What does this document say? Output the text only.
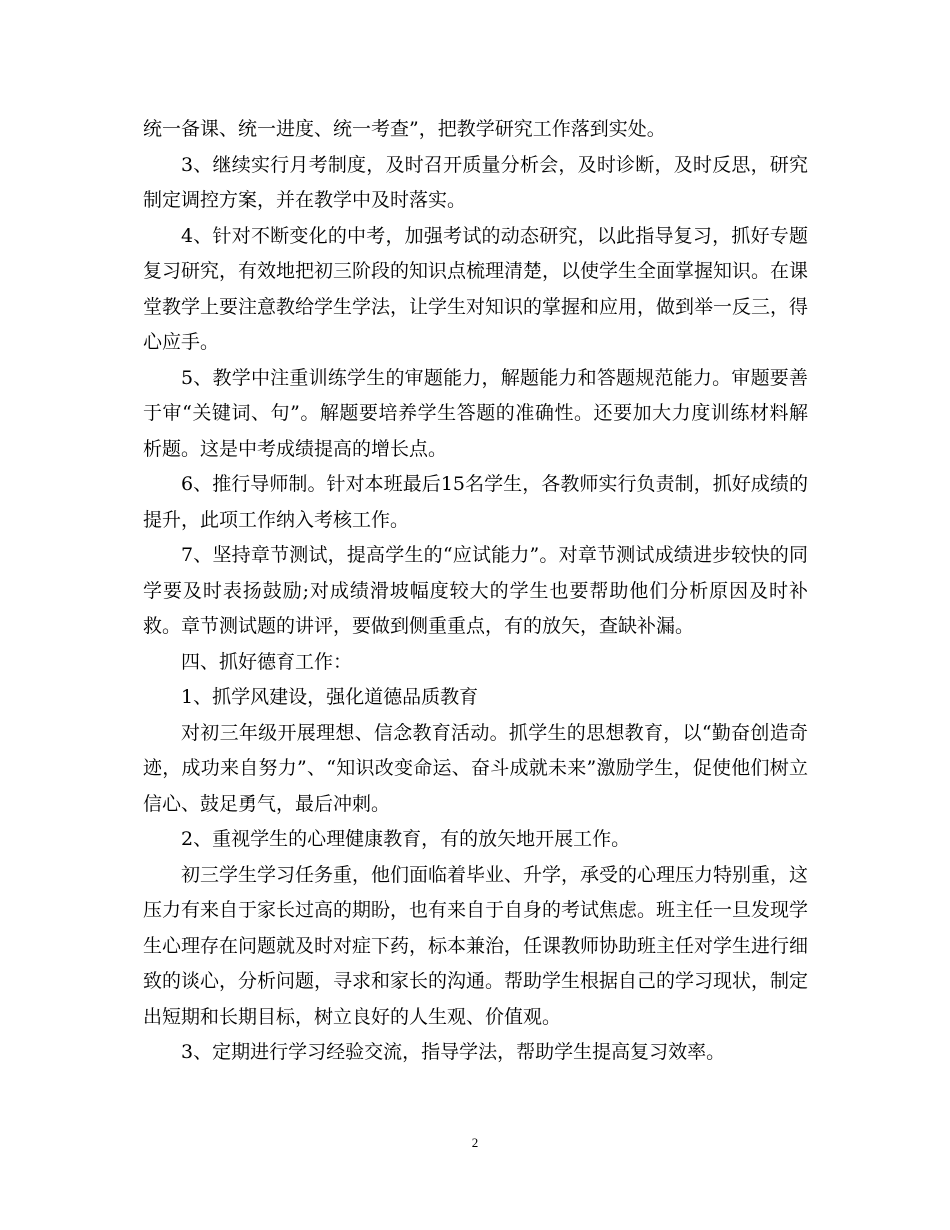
统一备课、统一进度、统一考查”，把教学研究工作落到实处。

3、继续实行月考制度，及时召开质量分析会，及时诊断，及时反思，研究制定调控方案，并在教学中及时落实。

4、针对不断变化的中考，加强考试的动态研究，以此指导复习，抓好专题复习研究，有效地把初三阶段的知识点梳理清楚，以使学生全面掌握知识。在课堂教学上要注意教给学生学法，让学生对知识的掌握和应用，做到举一反三，得心应手。

5、教学中注重训练学生的审题能力，解题能力和答题规范能力。审题要善于审“关键词、句”。解题要培养学生答题的准确性。还要加大力度训练材料解析题。这是中考成绩提高的增长点。

6、推行导师制。针对本班最后15名学生，各教师实行负责制，抓好成绩的提升，此项工作纳入考核工作。

7、坚持章节测试，提高学生的“应试能力”。对章节测试成绩进步较快的同学要及时表扬鼓励;对成绩滑坡幅度较大的学生也要帮助他们分析原因及时补救。章节测试题的讲评，要做到侧重重点，有的放矢，查缺补漏。

四、抓好德育工作：

1、抓学风建设，强化道德品质教育

对初三年级开展理想、信念教育活动。抓学生的思想教育，以“勤奋创造奇迹，成功来自努力”、“知识改变命运、奋斗成就未来”激励学生，促使他们树立信心、鼓足勇气，最后冲刺。

2、重视学生的心理健康教育，有的放矢地开展工作。

初三学生学习任务重，他们面临着毕业、升学，承受的心理压力特别重，这压力有来自于家长过高的期盼，也有来自于自身的考试焦虑。班主任一旦发现学生心理存在问题就及时对症下药，标本兼治，任课教师协助班主任对学生进行细致的谈心，分析问题，寻求和家长的沟通。帮助学生根据自己的学习现状，制定出短期和长期目标，树立良好的人生观、价值观。

3、定期进行学习经验交流，指导学法，帮助学生提高复习效率。

2
